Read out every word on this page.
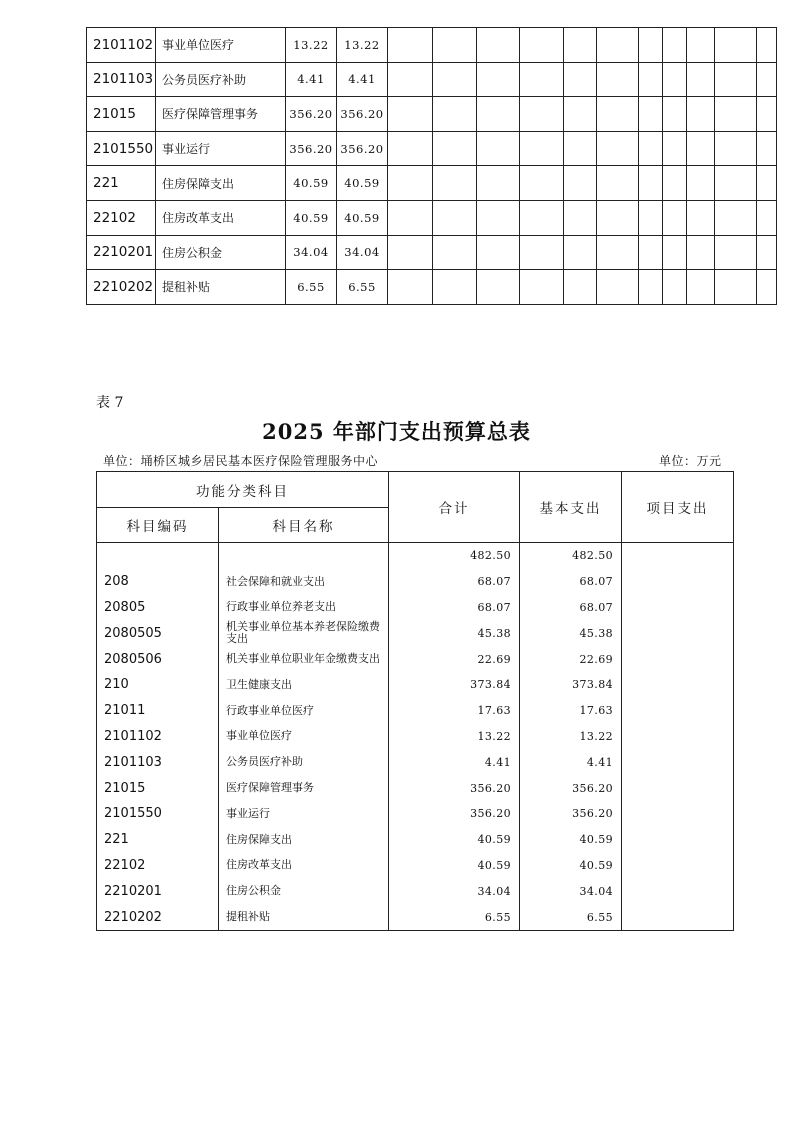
2101102	事业单位医疗	13.22	13.22											
2101103	公务员医疗补助	4.41	4.41											
21015	医疗保障管理事务	356.20	356.20											
2101550	事业运行	356.20	356.20											
221	住房保障支出	40.59	40.59											
22102	住房改革支出	40.59	40.59											
2210201	住房公积金	34.04	34.04											
2210202	提租补贴	6.55	6.55											
表 7
2025 年部门支出预算总表
单位：埇桥区城乡居民基本医疗保险管理服务中心	单位：万元
功能分类科目		合计	基本支出	项目支出
科目编码	科目名称			
		482.50	482.50	
208	社会保障和就业支出	68.07	68.07	
20805	行政事业单位养老支出	68.07	68.07	
2080505	机关事业单位基本养老保险缴费支出	45.38	45.38	
2080506	机关事业单位职业年金缴费支出	22.69	22.69	
210	卫生健康支出	373.84	373.84	
21011	行政事业单位医疗	17.63	17.63	
2101102	事业单位医疗	13.22	13.22	
2101103	公务员医疗补助	4.41	4.41	
21015	医疗保障管理事务	356.20	356.20	
2101550	事业运行	356.20	356.20	
221	住房保障支出	40.59	40.59	
22102	住房改革支出	40.59	40.59	
2210201	住房公积金	34.04	34.04	
2210202	提租补贴	6.55	6.55	
